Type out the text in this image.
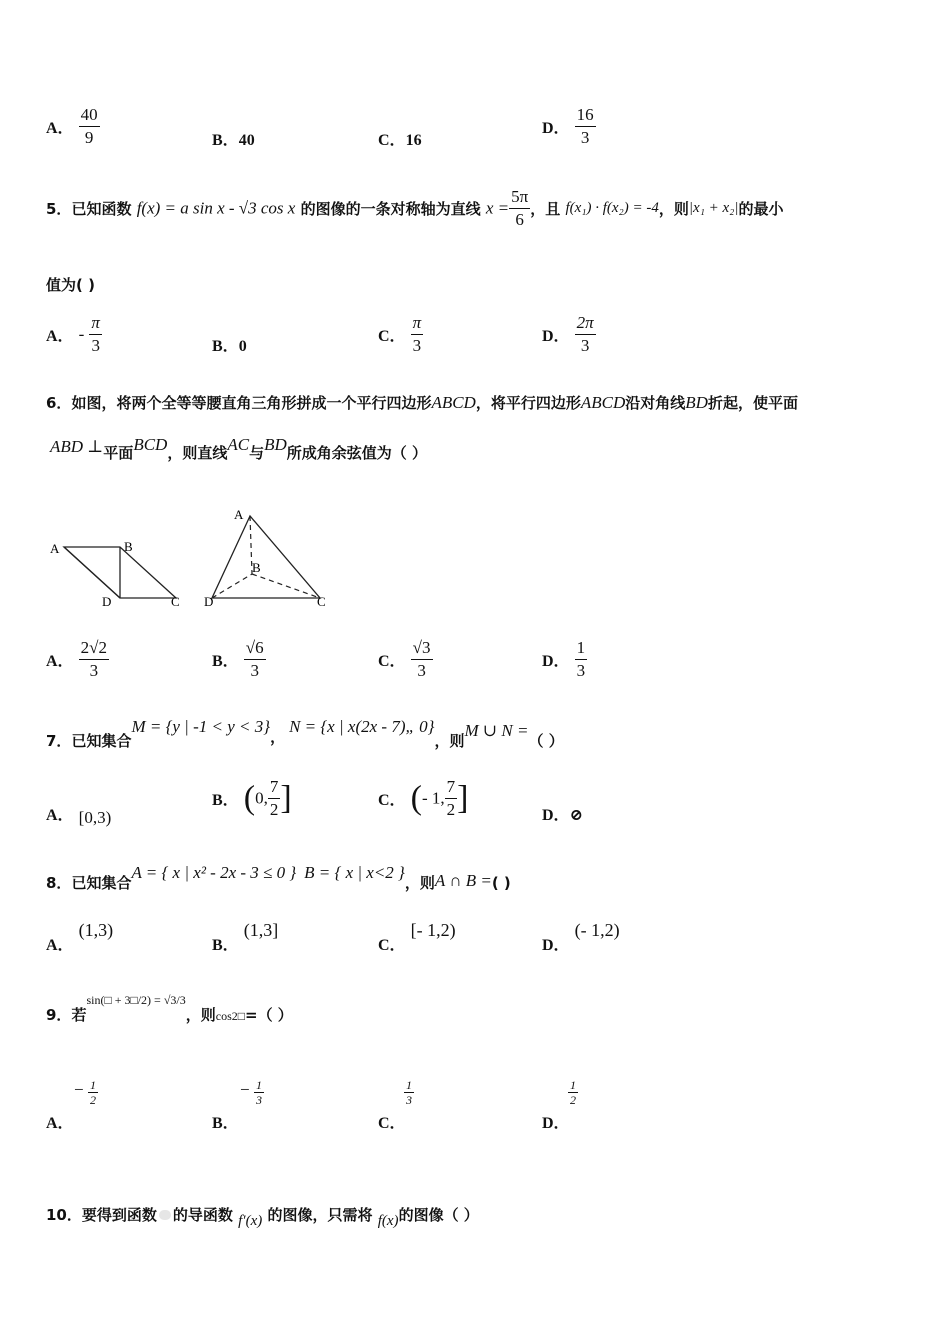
A． $\frac{40}{9}$	B．40	C．16
D． $\frac{16}{3}$
5．已知函数 f(x) = a sin x - √3 cos x 的图像的一条对称轴为直线 $x = \frac{5\pi}{6}$ ，且 f(x₁) · f(x₂) = -4，则|x₁ + x₂|的最小
值为( )
A． - $\frac{\pi}{3}$	B．0
C． $\frac{\pi}{3}$	D． $\frac{2\pi}{3}$
6．如图，将两个全等等腰直角三角形拼成一个平行四边形ABCD，将平行四边形ABCD沿对角线BD折起，使平面
ABD ⊥平面BCD，则直线AC与BD所成角余弦值为（ ）
A	B
D	C
A
B
D	C
A． $\frac{2√2}{3}$	B． $\frac{√6}{3}$	C． $\frac{√3}{3}$	D． $\frac{1}{3}$
7．已知集合M = {y | -1 < y < 3}，N = {x | x(2x - 7)„ 0}，则M ∪ N =（ ）
A． [0,3)
B． (0, $\frac{7}{2}$ ]	C． (- 1, $\frac{7}{2}$ ]	D．⊘
8．已知集合A = { x | x² - 2x - 3 ≤ 0 } B = { x | x<2 }，则A ∩ B =( )
A． (1,3)
B． (1,3]
C． [- 1,2)
D． (- 1,2)
9．若sin(□ + 3□/2) = √3/3，则$_{cos2□}$=（ ）
− $\frac{1}{2}$
A．
− $\frac{1}{3}$
B．
$\frac{1}{3}$
C．
$\frac{1}{2}$
D．
10．要得到函数 的导函数 f′(x) 的图像，只需将 f(x)的图像（ ）
